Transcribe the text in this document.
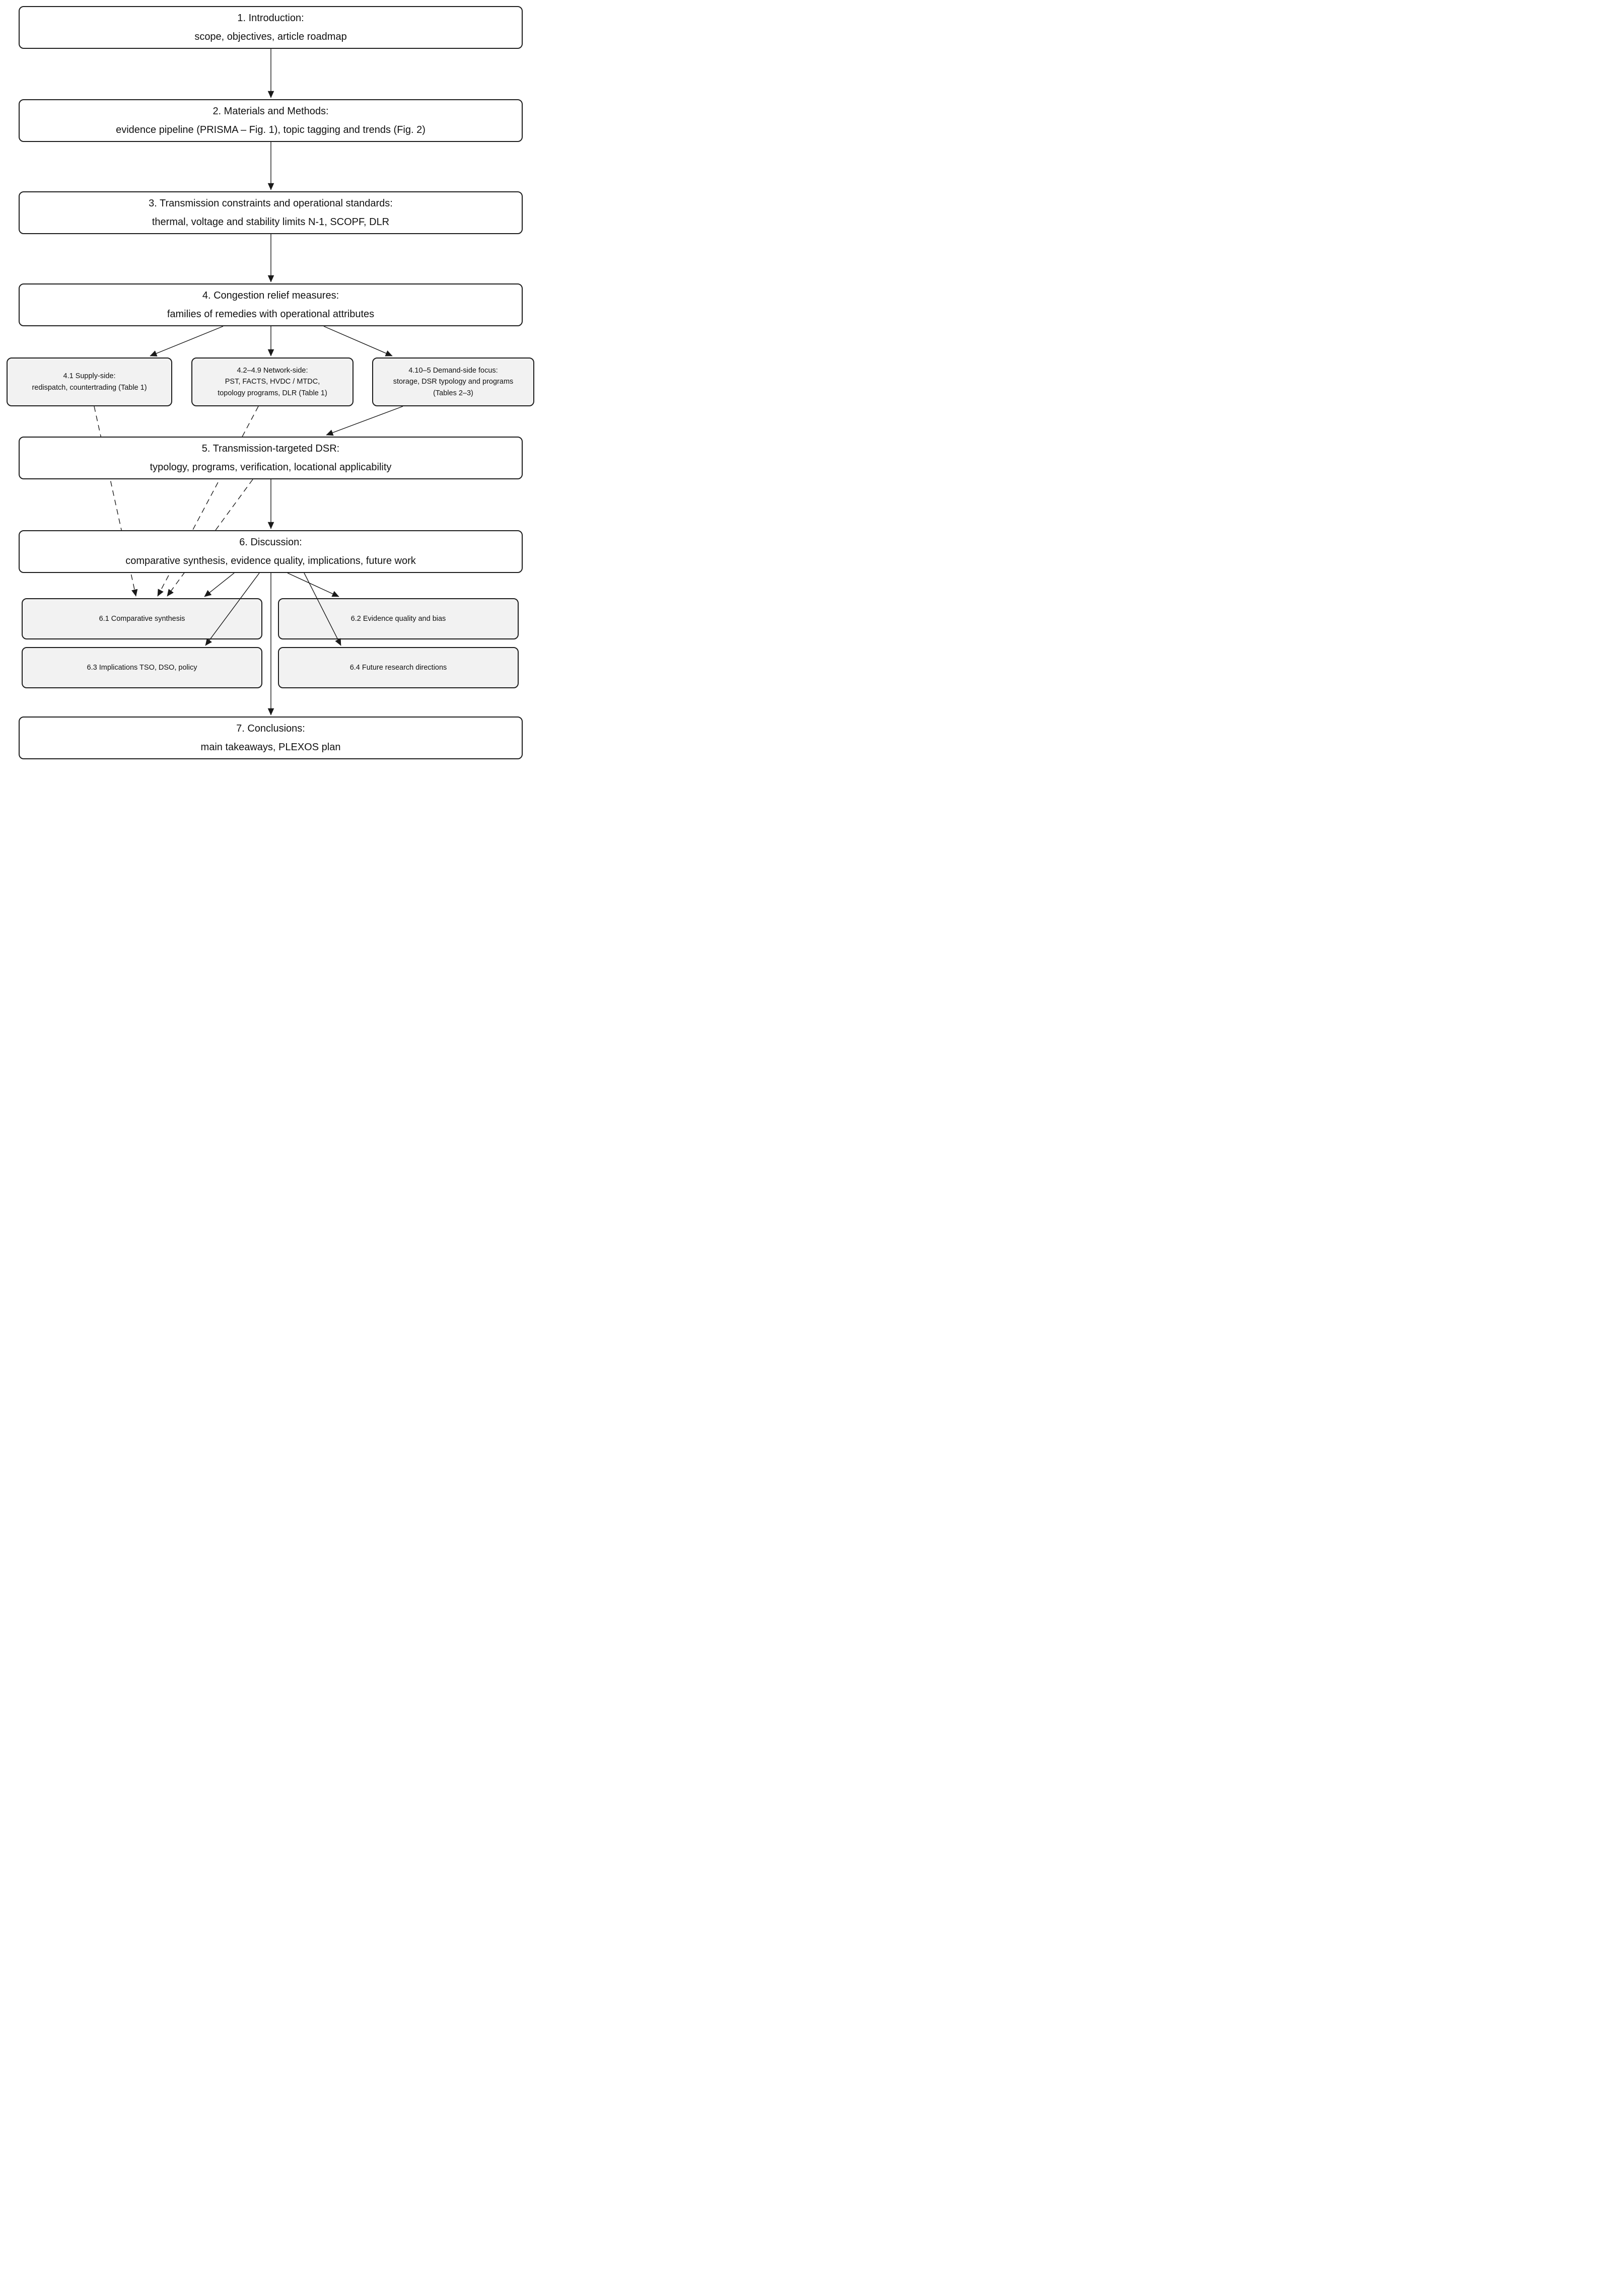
1. Introduction:
scope, objectives, article roadmap
2. Materials and Methods:
evidence pipeline (PRISMA – Fig. 1), topic tagging and trends (Fig. 2)
3. Transmission constraints and operational standards:
thermal, voltage and stability limits N-1, SCOPF, DLR
4. Congestion relief measures:
families of remedies with operational attributes
4.1 Supply-side:
redispatch, countertrading (Table 1)
4.2–4.9 Network-side:
PST, FACTS, HVDC / MTDC,
topology programs, DLR (Table 1)
4.10–5 Demand-side focus:
storage, DSR typology and programs
(Tables 2–3)
5. Transmission-targeted DSR:
typology, programs, verification, locational applicability
6. Discussion:
comparative synthesis, evidence quality, implications, future work
6.1 Comparative synthesis	6.2 Evidence quality and bias
6.3 Implications TSO, DSO, policy	6.4 Future research directions
7. Conclusions:
main takeaways, PLEXOS plan
